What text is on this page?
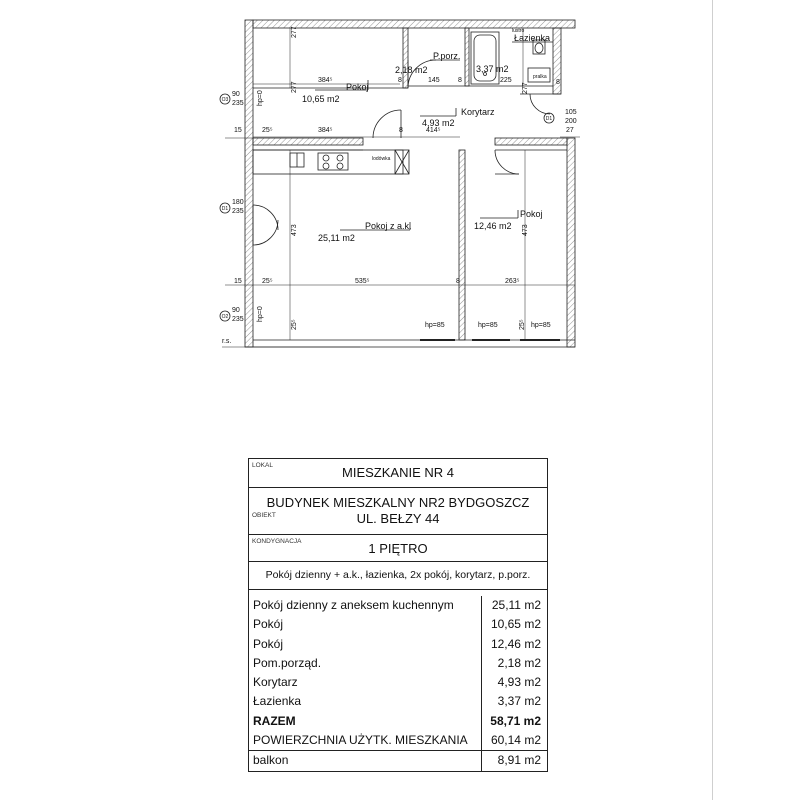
Pokoj
10,65 m2
P.porz.
2,18 m2
Łazienka
3,37 m2
Korytarz
4,93 m2
Pokoj z a.k.
25,11 m2
Pokoj
12,46 m2
lodówka
pralka
lustro
384⁵
384⁵
145	225
414⁵
535⁵	263⁵
8	8
8
8
8
277
277
277
473	473
25⁵
25⁵
25⁵	25⁵
15
15
27
90
235
180
235
90
235
105
200
hp=0
hp=0
hp=85	hp=85	hp=85
r.s.
O3
D1
O2
D1
LOKAL	MIESZKANIE NR 4
OBIEKT
BUDYNEK MIESZKALNY NR2 BYDGOSZCZ
UL. BEŁZY 44
KONDYGNACJA	1 PIĘTRO
Pokój dzienny + a.k., łazienka, 2x pokój, korytarz, p.porz.
Pokój dzienny z aneksem kuchennym	25,11 m2
Pokój	10,65 m2
Pokój	12,46 m2
Pom.porząd.	2,18 m2
Korytarz	4,93 m2
Łazienka	3,37 m2
RAZEM	58,71 m2
POWIERZCHNIA UŻYTK. MIESZKANIA	60,14 m2
balkon	8,91 m2
